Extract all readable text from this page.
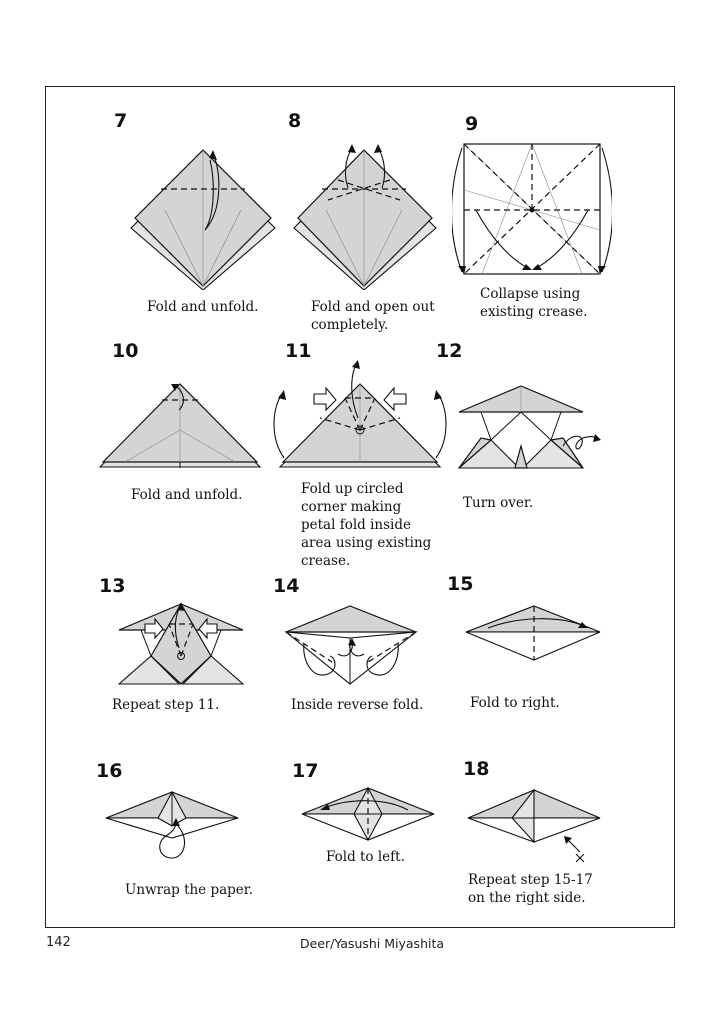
7	8	9
10	11	12
13	14	15
16	17	18
Fold and unfold.	Fold and open out
completely.
Collapse using
existing crease.
Fold and unfold.	Fold up circled
corner making
petal fold inside
area using existing
crease.
Turn over.
Repeat step 11.	Inside reverse fold.	Fold to right.
Unwrap the paper.
Fold to left.
Repeat step 15-17
on the right side.
142	Deer/Yasushi Miyashita
